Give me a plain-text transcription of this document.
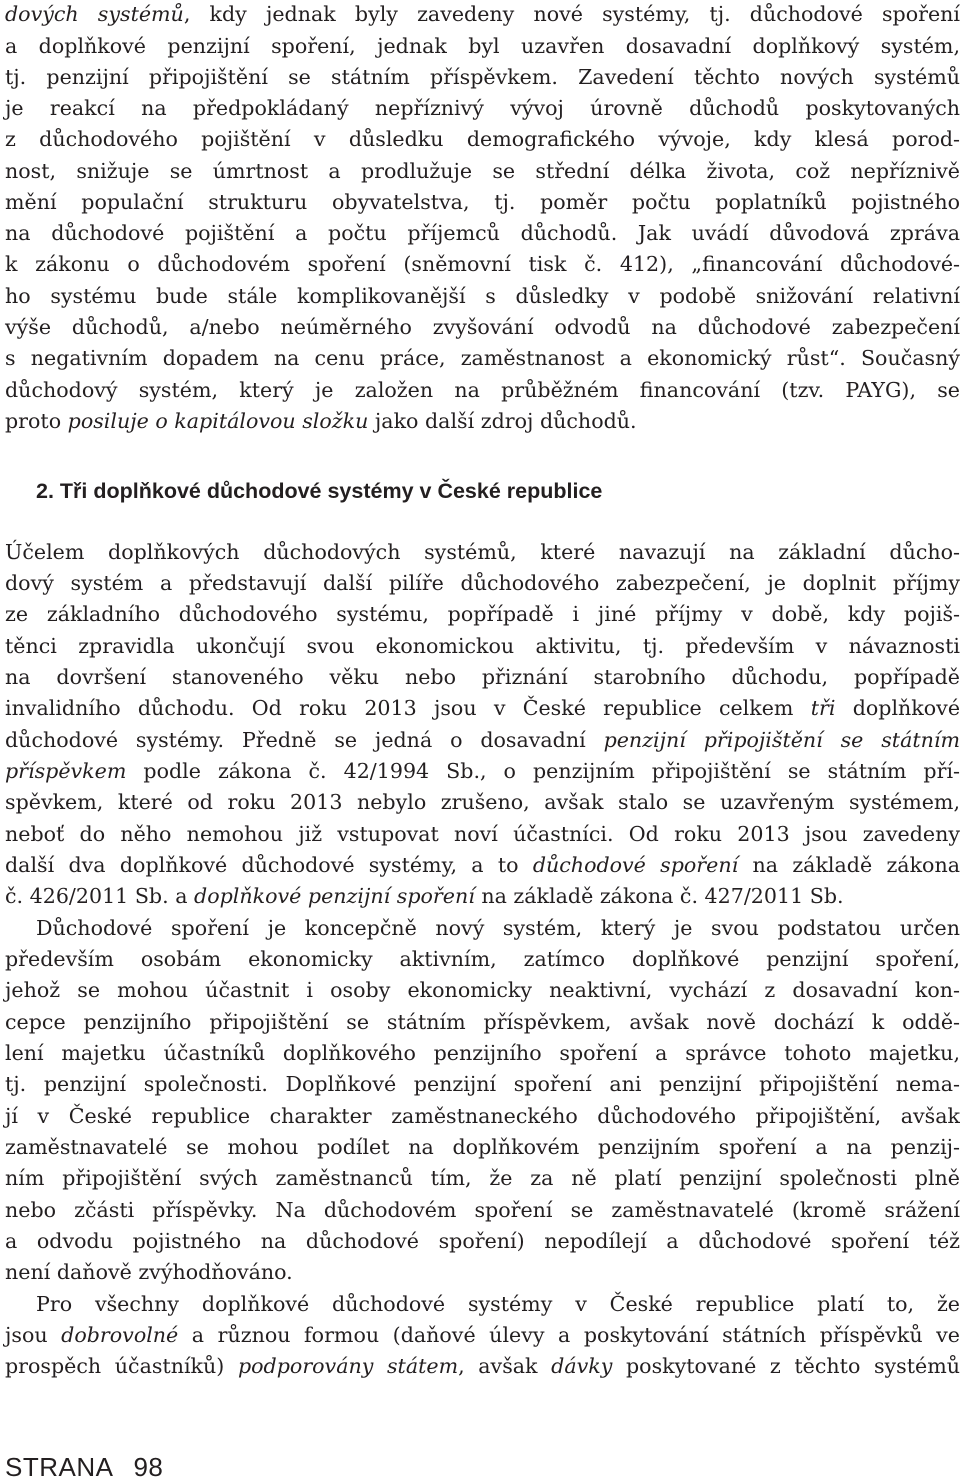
dových systémů, kdy jednak byly zavedeny nové systémy, tj. důchodové spoření
a doplňkové penzijní spoření, jednak byl uzavřen dosavadní doplňkový systém,
tj. penzijní připojištění se státním příspěvkem. Zavedení těchto nových systémů
je reakcí na předpokládaný nepříznivý vývoj úrovně důchodů poskytovaných
z důchodového pojištění v důsledku demografického vývoje, kdy klesá porod-
nost, snižuje se úmrtnost a prodlužuje se střední délka života, což nepříznivě
mění populační strukturu obyvatelstva, tj. poměr počtu poplatníků pojistného
na důchodové pojištění a počtu příjemců důchodů. Jak uvádí důvodová zpráva
k zákonu o důchodovém spoření (sněmovní tisk č. 412), „financování důchodové-
ho systému bude stále komplikovanější s důsledky v podobě snižování relativní
výše důchodů, a/nebo neúměrného zvyšování odvodů na důchodové zabezpečení
s negativním dopadem na cenu práce, zaměstnanost a ekonomický růst“. Současný
důchodový systém, který je založen na průběžném financování (tzv. PAYG), se
proto posiluje o kapitálovou složku jako další zdroj důchodů.
2. Tři doplňkové důchodové systémy v České republice
Účelem doplňkových důchodových systémů, které navazují na základní důcho-
dový systém a představují další pilíře důchodového zabezpečení, je doplnit příjmy
ze základního důchodového systému, popřípadě i jiné příjmy v době, kdy pojiš-
těnci zpravidla ukončují svou ekonomickou aktivitu, tj. především v návaznosti
na dovršení stanoveného věku nebo přiznání starobního důchodu, popřípadě
invalidního důchodu. Od roku 2013 jsou v České republice celkem tři doplňkové
důchodové systémy. Předně se jedná o dosavadní penzijní připojištění se státním
příspěvkem podle zákona č. 42/1994 Sb., o penzijním připojištění se státním pří-
spěvkem, které od roku 2013 nebylo zrušeno, avšak stalo se uzavřeným systémem,
neboť do něho nemohou již vstupovat noví účastníci. Od roku 2013 jsou zavedeny
další dva doplňkové důchodové systémy, a to důchodové spoření na základě zákona
č. 426/2011 Sb. a doplňkové penzijní spoření na základě zákona č. 427/2011 Sb.
Důchodové spoření je koncepčně nový systém, který je svou podstatou určen
především osobám ekonomicky aktivním, zatímco doplňkové penzijní spoření,
jehož se mohou účastnit i osoby ekonomicky neaktivní, vychází z dosavadní kon-
cepce penzijního připojištění se státním příspěvkem, avšak nově dochází k oddě-
lení majetku účastníků doplňkového penzijního spoření a správce tohoto majetku,
tj. penzijní společnosti. Doplňkové penzijní spoření ani penzijní připojištění nema-
jí v České republice charakter zaměstnaneckého důchodového připojištění, avšak
zaměstnavatelé se mohou podílet na doplňkovém penzijním spoření a na penzij-
ním připojištění svých zaměstnanců tím, že za ně platí penzijní společnosti plně
nebo zčásti příspěvky. Na důchodovém spoření se zaměstnavatelé (kromě srážení
a odvodu pojistného na důchodové spoření) nepodílejí a důchodové spoření též
není daňově zvýhodňováno.
Pro všechny doplňkové důchodové systémy v České republice platí to, že
jsou dobrovolné a různou formou (daňové úlevy a poskytování státních příspěvků ve
prospěch účastníků) podporovány státem, avšak dávky poskytované z těchto systémů
STRANA 98
